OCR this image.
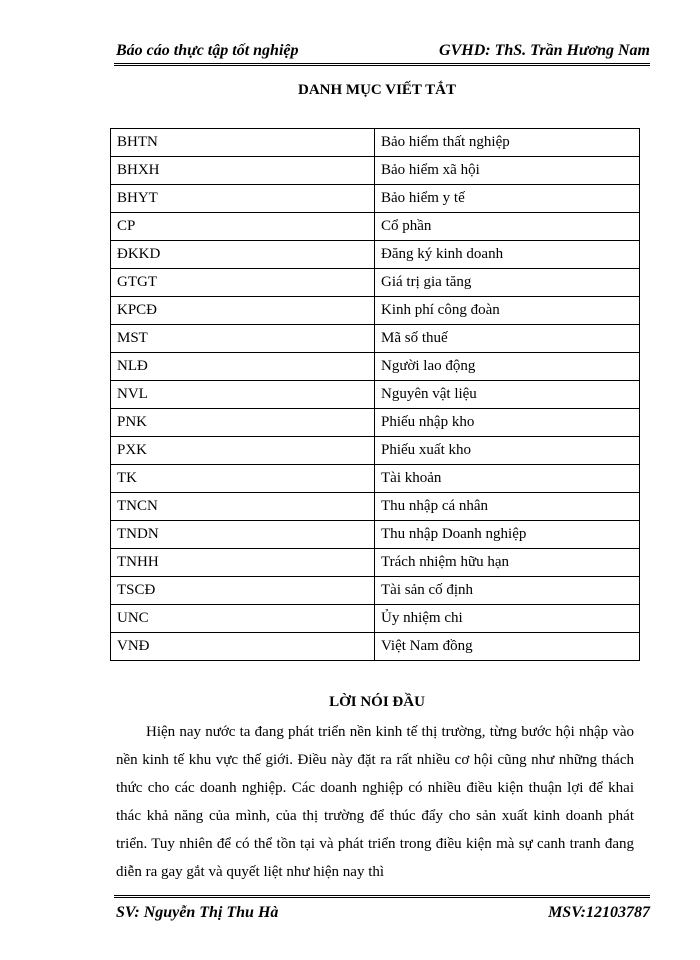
Báo cáo thực tập tốt nghiệp	GVHD: ThS. Trần Hương Nam
DANH MỤC VIẾT TẮT
BHTN	Bảo hiểm thất nghiệp
BHXH	Bảo hiểm xã hội
BHYT	Bảo hiểm y tế
CP	Cổ phần
ĐKKD	Đăng ký kinh doanh
GTGT	Giá trị gia tăng
KPCĐ	Kinh phí công đoàn
MST	Mã số thuế
NLĐ	Người lao động
NVL	Nguyên vật liệu
PNK	Phiếu nhập kho
PXK	Phiếu xuất kho
TK	Tài khoản
TNCN	Thu nhập cá nhân
TNDN	Thu nhập Doanh nghiệp
TNHH	Trách nhiệm hữu hạn
TSCĐ	Tài sản cố định
UNC	Ủy nhiệm chi
VNĐ	Việt Nam đồng
LỜI NÓI ĐẦU
Hiện nay nước ta đang phát triển nền kinh tế thị trường, từng bước hội nhập vào nền kinh tế khu vực thế giới. Điều này đặt ra rất nhiều cơ hội cũng như những thách thức cho các doanh nghiệp. Các doanh nghiệp có nhiều điều kiện thuận lợi để khai thác khả năng của mình, của thị trường để thúc đẩy cho sản xuất kinh doanh phát triển. Tuy nhiên để có thể tồn tại và phát triển trong điều kiện mà sự canh tranh đang diễn ra gay gắt và quyết liệt như hiện nay thì
SV: Nguyễn Thị Thu Hà	MSV:12103787
